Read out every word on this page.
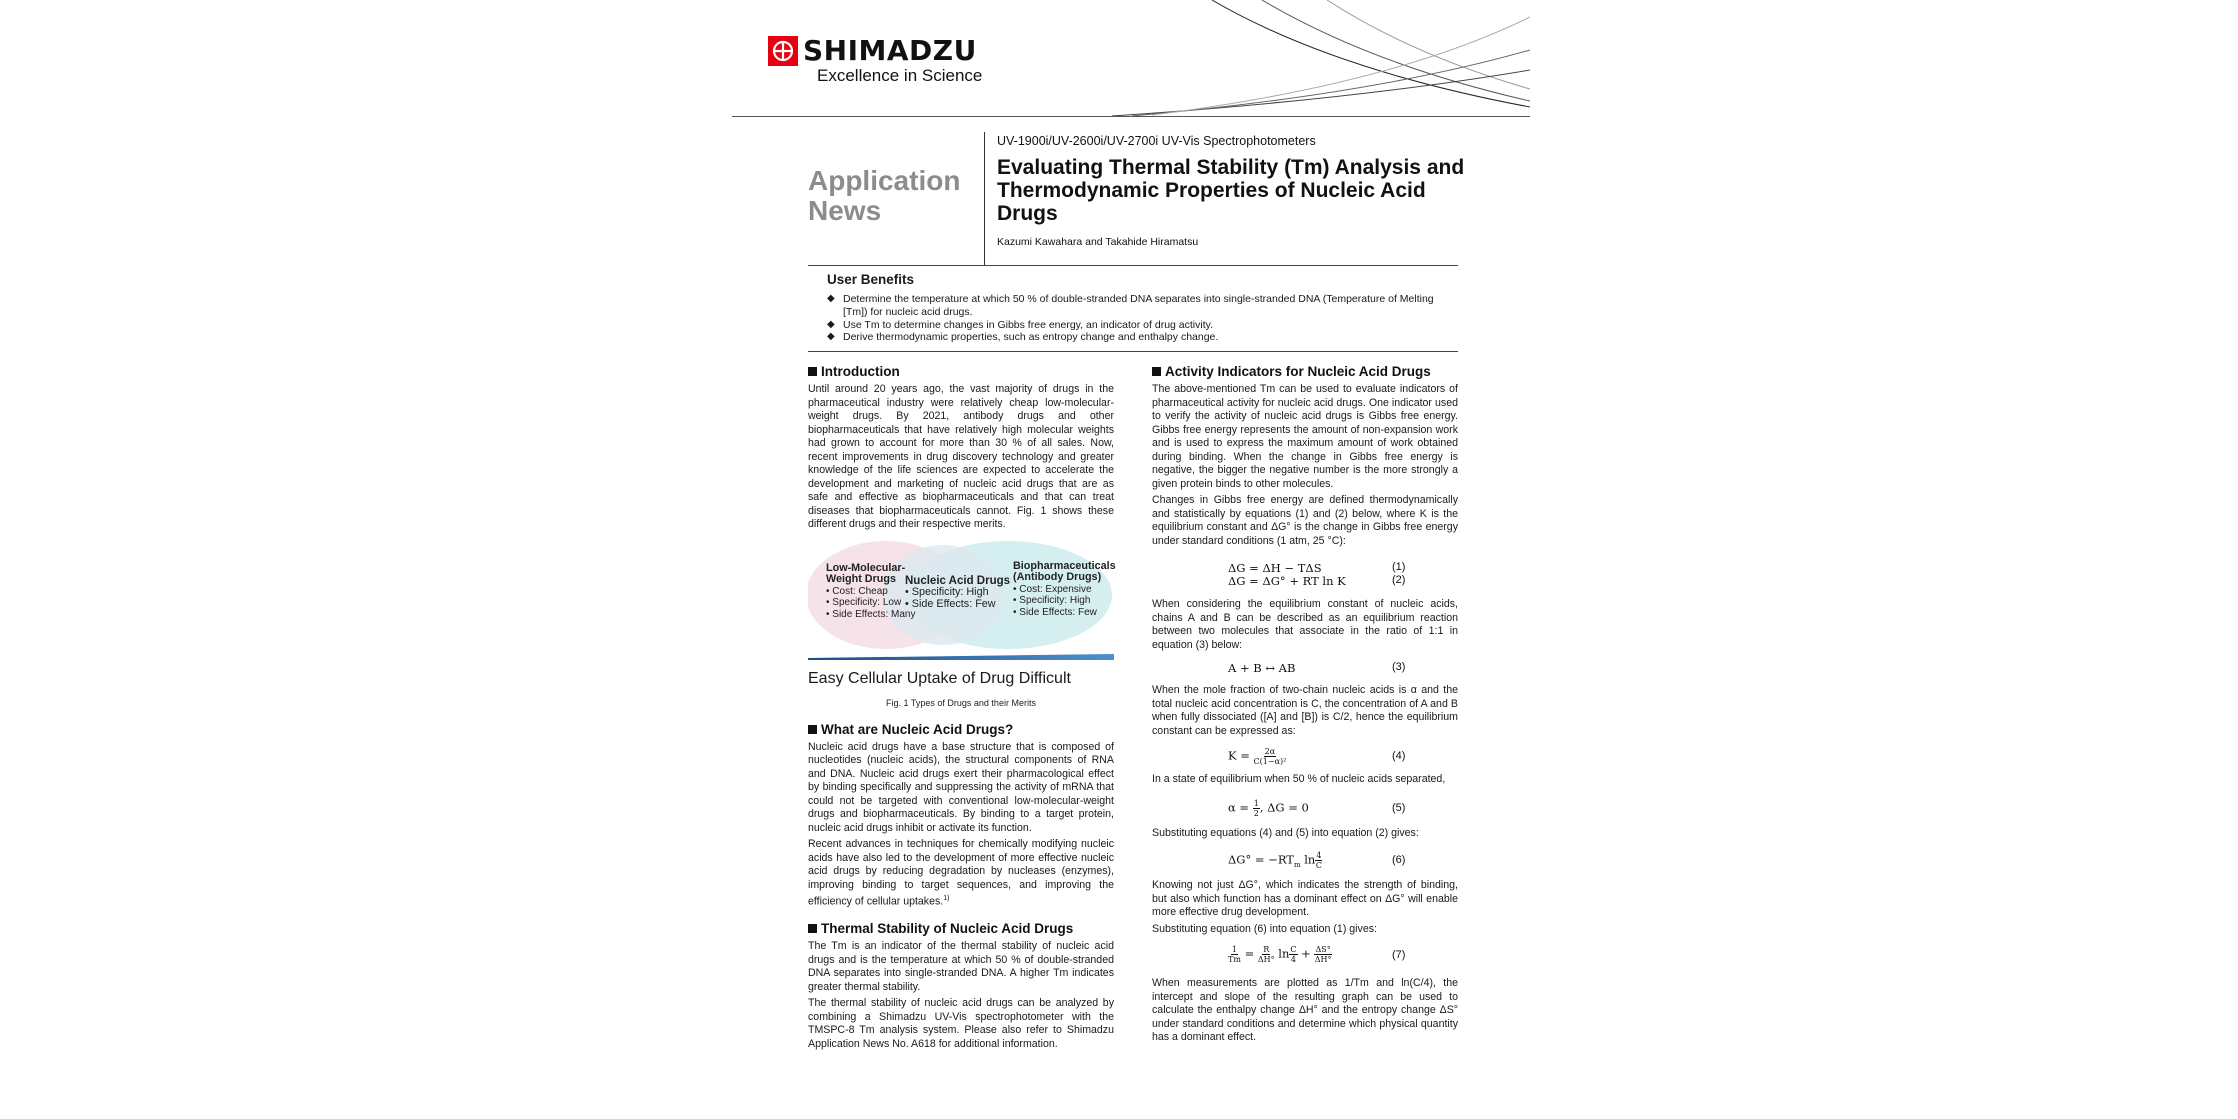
SHIMADZU
Excellence in Science
Application
News
UV-1900i/UV-2600i/UV-2700i UV-Vis Spectrophotometers
Evaluating Thermal Stability (Tm) Analysis and Thermodynamic Properties of Nucleic Acid Drugs
Kazumi Kawahara and Takahide Hiramatsu
User Benefits
◆ Determine the temperature at which 50 % of double-stranded DNA separates into single-stranded DNA (Temperature of Melting [Tm]) for nucleic acid drugs.
◆ Use Tm to determine changes in Gibbs free energy, an indicator of drug activity.
◆ Derive thermodynamic properties, such as entropy change and enthalpy change.
Introduction

Until around 20 years ago, the vast majority of drugs in the pharmaceutical industry were relatively cheap low-molecular-weight drugs. By 2021, antibody drugs and other biopharmaceuticals that have relatively high molecular weights had grown to account for more than 30 % of all sales. Now, recent improvements in drug discovery technology and greater knowledge of the life sciences are expected to accelerate the development and marketing of nucleic acid drugs that are as safe and effective as biopharmaceuticals and that can treat diseases that biopharmaceuticals cannot. Fig. 1 shows these different drugs and their respective merits.

Low-Molecular-
Weight Drugs
• Cost: Cheap
• Specificity: Low
• Side Effects: Many
Nucleic Acid Drugs
• Specificity: High
• Side Effects: Few
Biopharmaceuticals
(Antibody Drugs)
• Cost: Expensive
• Specificity: High
• Side Effects: Few
Easy Cellular Uptake of Drug Difficult
Fig. 1 Types of Drugs and their Merits
What are Nucleic Acid Drugs?

Nucleic acid drugs have a base structure that is composed of nucleotides (nucleic acids), the structural components of RNA and DNA. Nucleic acid drugs exert their pharmacological effect by binding specifically and suppressing the activity of mRNA that could not be targeted with conventional low-molecular-weight drugs and biopharmaceuticals. By binding to a target protein, nucleic acid drugs inhibit or activate its function.

Recent advances in techniques for chemically modifying nucleic acids have also led to the development of more effective nucleic acid drugs by reducing degradation by nucleases (enzymes), improving binding to target sequences, and improving the efficiency of cellular uptakes.$^{1)}$

Thermal Stability of Nucleic Acid Drugs

The Tm is an indicator of the thermal stability of nucleic acid drugs and is the temperature at which 50 % of double-stranded DNA separates into single-stranded DNA. A higher Tm indicates greater thermal stability.

The thermal stability of nucleic acid drugs can be analyzed by combining a Shimadzu UV-Vis spectrophotometer with the TMSPC-8 Tm analysis system. Please also refer to Shimadzu Application News No. A618 for additional information.

Activity Indicators for Nucleic Acid Drugs

The above-mentioned Tm can be used to evaluate indicators of pharmaceutical activity for nucleic acid drugs. One indicator used to verify the activity of nucleic acid drugs is Gibbs free energy. Gibbs free energy represents the amount of non-expansion work and is used to express the maximum amount of work obtained during binding. When the change in Gibbs free energy is negative, the bigger the negative number is the more strongly a given protein binds to other molecules.

Changes in Gibbs free energy are defined thermodynamically and statistically by equations (1) and (2) below, where K is the equilibrium constant and ΔG° is the change in Gibbs free energy under standard conditions (1 atm, 25 °C):

ΔG = ΔH − TΔS	(1)
ΔG = ΔG° + RT ln K	(2)

When considering the equilibrium constant of nucleic acids, chains A and B can be described as an equilibrium reaction between two molecules that associate in the ratio of 1:1 in equation (3) below:

A + B ↔ AB	(3)

When the mole fraction of two-chain nucleic acids is α and the total nucleic acid concentration is C, the concentration of A and B when fully dissociated ([A] and [B]) is C/2, hence the equilibrium constant can be expressed as:

$K = \frac{2\alpha}{\text{C(1−α)²}}$	(4)

In a state of equilibrium when 50 % of nucleic acids separated,

$\alpha = \frac{1}{2}$ , ΔG = 0	(5)

Substituting equations (4) and (5) into equation (2) gives:

$\Delta G^\circ = -RT_m$ $\ln \frac{4}{C}$	(6)

Knowing not just ΔG°, which indicates the strength of binding, but also which function has a dominant effect on ΔG° will enable more effective drug development.

Substituting equation (6) into equation (1) gives:

$\frac{1}{Tm} = \frac{R}{\Delta H^\circ}$ $\ln \frac{C}{4} + \frac{\Delta S^\circ}{\Delta H^\circ}$	(7)

When measurements are plotted as 1/Tm and ln(C/4), the intercept and slope of the resulting graph can be used to calculate the enthalpy change ΔH° and the entropy change ΔS° under standard conditions and determine which physical quantity has a dominant effect.
